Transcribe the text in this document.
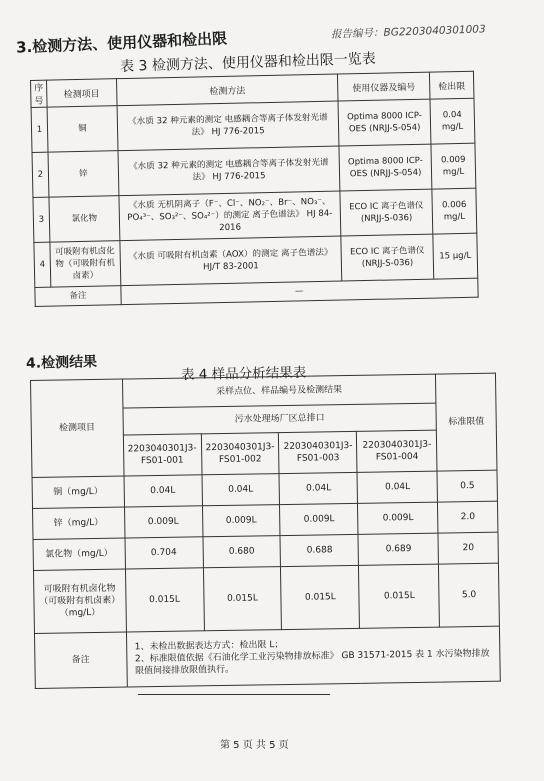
报告编号：BG2203040301003
3.检测方法、使用仪器和检出限
表 3 检测方法、使用仪器和检出限一览表
序号	检测项目	检测方法	使用仪器及编号	检出限
1	铜	《水质 32 种元素的测定 电感耦合等离子体发射光谱法》 HJ 776-2015	Optima 8000 ICP-OES (NRJJ-S-054)	0.04 mg/L
2	锌	《水质 32 种元素的测定 电感耦合等离子体发射光谱法》 HJ 776-2015	Optima 8000 ICP-OES (NRJJ-S-054)	0.009 mg/L
3	氯化物	《水质 无机阴离子（F⁻、Cl⁻、NO₂⁻、Br⁻、NO₃⁻、PO₄³⁻、SO₃²⁻、SO₄²⁻）的测定 离子色谱法》 HJ 84-2016	ECO IC 离子色谱仪 (NRJJ-S-036)	0.006 mg/L
4	可吸附有机卤化物（可吸附有机卤素）	《水质 可吸附有机卤素（AOX）的测定 离子色谱法》HJ/T 83-2001	ECO IC 离子色谱仪 (NRJJ-S-036)	15 μg/L
备注		—		
4.检测结果
表 4 样品分析结果表
检测项目	采样点位、样品编号及检测结果				标准限值
	污水处理场厂区总排口				
	2203040301J3-FS01-001	2203040301J3-FS01-002	2203040301J3-FS01-003	2203040301J3-FS01-004	
铜（mg/L）	0.04L	0.04L	0.04L	0.04L	0.5
锌（mg/L）	0.009L	0.009L	0.009L	0.009L	2.0
氯化物（mg/L）	0.704	0.680	0.688	0.689	20
可吸附有机卤化物（可吸附有机卤素）（mg/L）	0.015L	0.015L	0.015L	0.015L	5.0
备注	1、未检出数据表达方式：检出限 L；
2、标准限值依据《石油化学工业污染物排放标准》 GB 31571-2015 表 1 水污染物排放限值间接排放限值执行。				
第 5 页 共 5 页
